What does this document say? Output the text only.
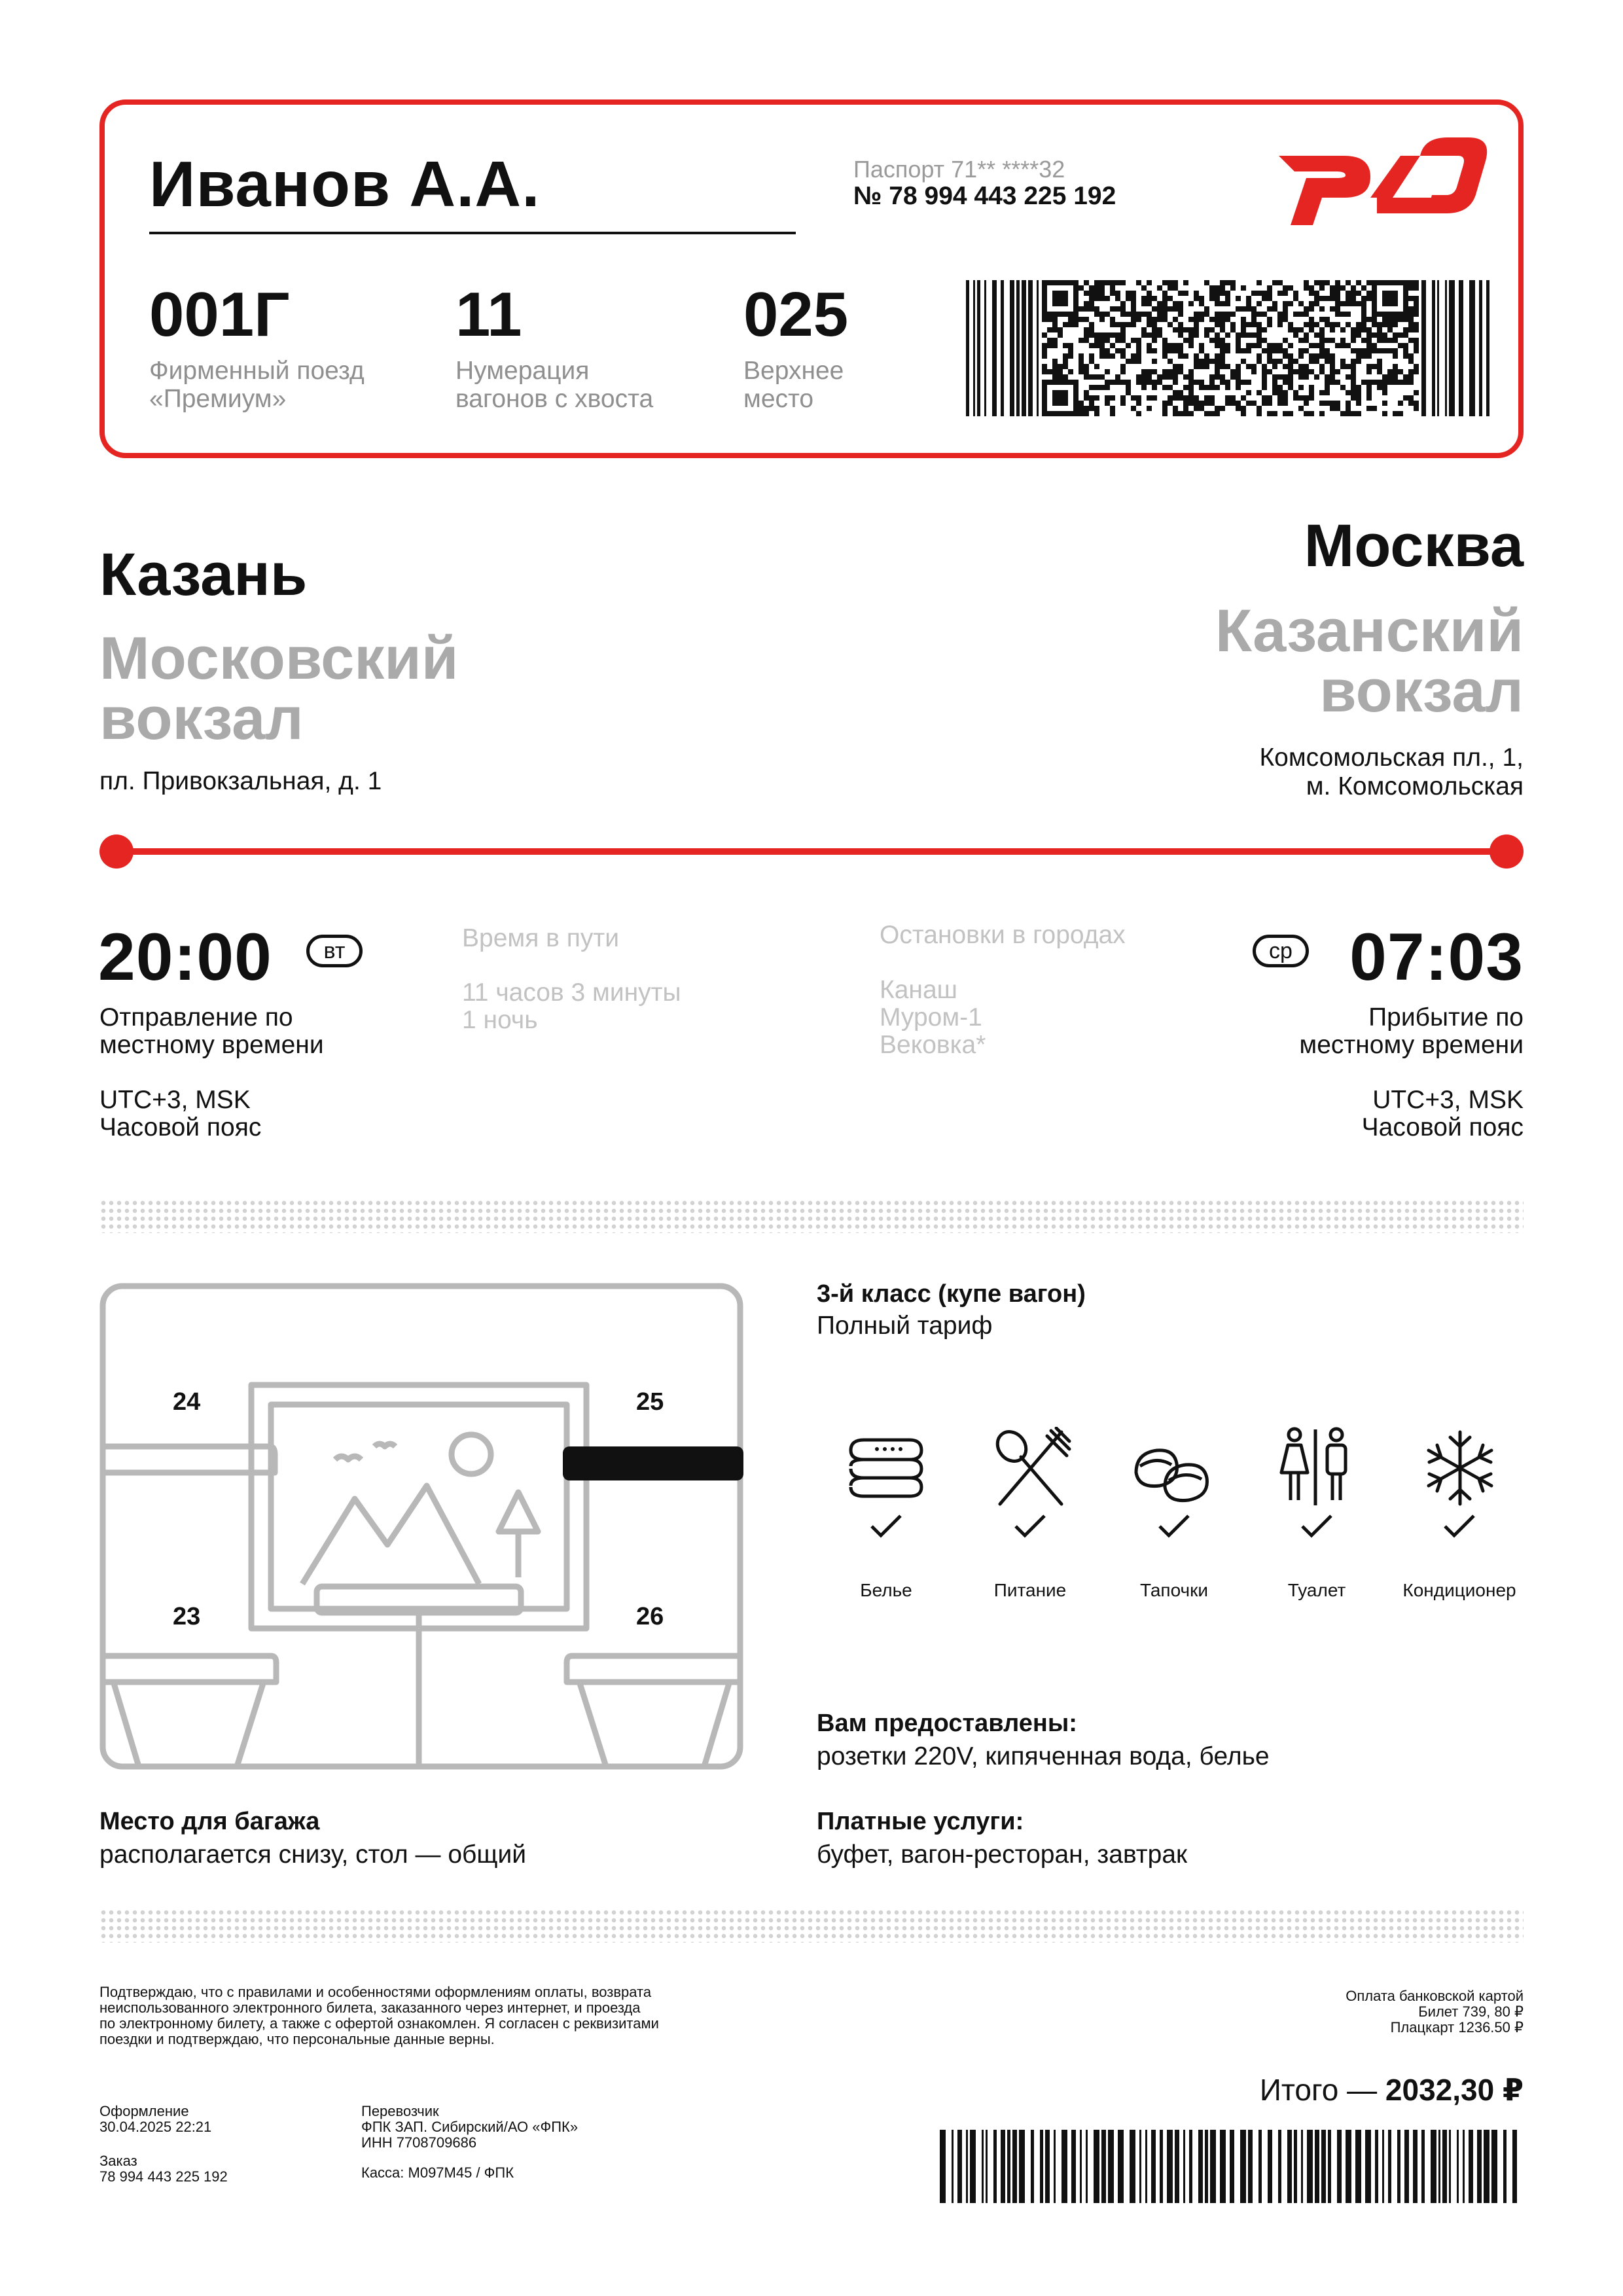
Иванов А.А.	Паспорт 71** ****32
№ 78 994 443 225 192
001Г
Фирменный поезд
«Премиум»
11
Нумерация
вагонов с хвоста
025
Верхнее
место
Казань
Московский
вокзал
пл. Привокзальная, д. 1
Москва
Казанский
вокзал
Комсомольская пл., 1,
м. Комсомольская
20:00	вт
Отправление по
местному времени
UTC+3, MSK
Часовой пояс
Время в пути
11 часов 3 минуты
1 ночь
Остановки в городах
Канаш
Муром-1
Вековка*
ср 07:03
Прибытие по
местному времени
UTC+3, MSK
Часовой пояс
24	25
23	26
Место для багажа
располагается снизу, стол — общий
3-й класс (купе вагон)
Полный тариф
Белье	Питание	Тапочки	Туалет	Кондиционер
Вам предоставлены:
розетки 220V, кипяченная вода, белье
Платные услуги:
буфет, вагон-ресторан, завтрак
Подтверждаю, что с правилами и особенностями оформлениям оплаты, возврата
неиспользованного электронного билета, заказанного через интернет, и проезда
по электронному билету, а также с офертой ознакомлен. Я согласен с реквизитами
поездки и подтверждаю, что персональные данные верны.
Оформление
30.04.2025 22:21
Заказ
78 994 443 225 192
Перевозчик
ФПК ЗАП. Сибирский/АО «ФПК»
ИНН 7708709686
Касса: М097М45 / ФПК
Оплата банковской картой
Билет 739, 80 ₽
Плацкарт 1236.50 ₽
Итого — 2032,30 ₽
